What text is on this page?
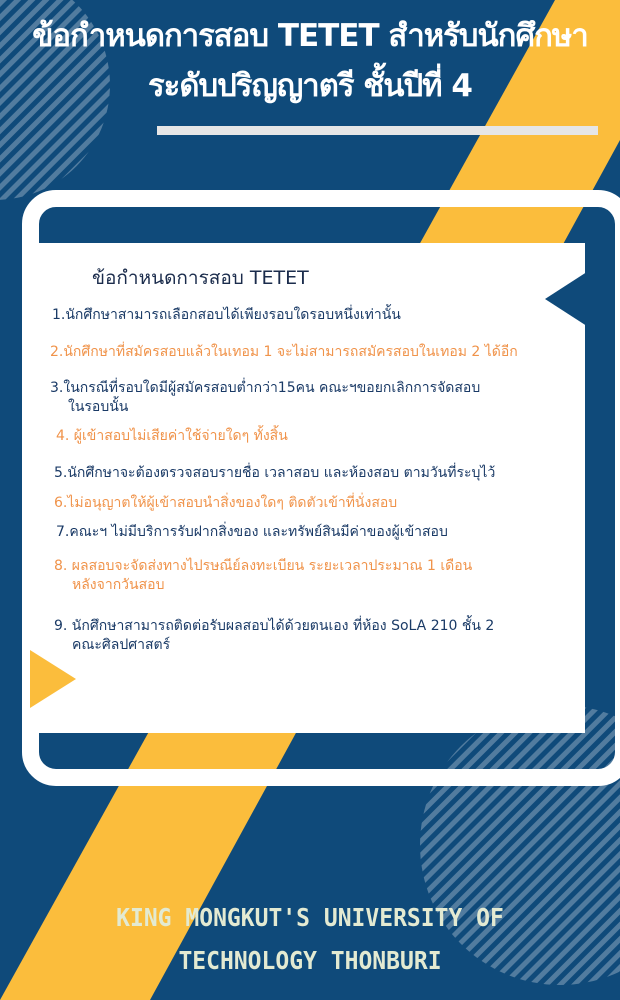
ข้อกำหนดการสอบ TETET สำหรับนักศึกษา
ระดับปริญญาตรี ชั้นปีที่ 4
ข้อกำหนดการสอบ TETET

1.นักศึกษาสามารถเลือกสอบได้เพียงรอบใดรอบหนึ่งเท่านั้น

2.นักศึกษาที่สมัครสอบแล้วในเทอม 1 จะไม่สามารถสมัครสอบในเทอม 2 ได้อีก

3.ในกรณีที่รอบใดมีผู้สมัครสอบต่ำกว่า15คน คณะฯขอยกเลิกการจัดสอบ
ในรอบนั้น

4. ผู้เข้าสอบไม่เสียค่าใช้จ่ายใดๆ ทั้งสิ้น

5.นักศึกษาจะต้องตรวจสอบรายชื่อ เวลาสอบ และห้องสอบ ตามวันที่ระบุไว้

6.ไม่อนุญาตให้ผู้เข้าสอบนำสิ่งของใดๆ ติดตัวเข้าที่นั่งสอบ

7.คณะฯ ไม่มีบริการรับฝากสิ่งของ และทรัพย์สินมีค่าของผู้เข้าสอบ

8. ผลสอบจะจัดส่งทางไปรษณีย์ลงทะเบียน ระยะเวลาประมาณ 1 เดือน
หลังจากวันสอบ
9. นักศึกษาสามารถติดต่อรับผลสอบได้ด้วยตนเอง ที่ห้อง SoLA 210 ชั้น 2
คณะศิลปศาสตร์
KING MONGKUT'S UNIVERSITY OF
TECHNOLOGY THONBURI
